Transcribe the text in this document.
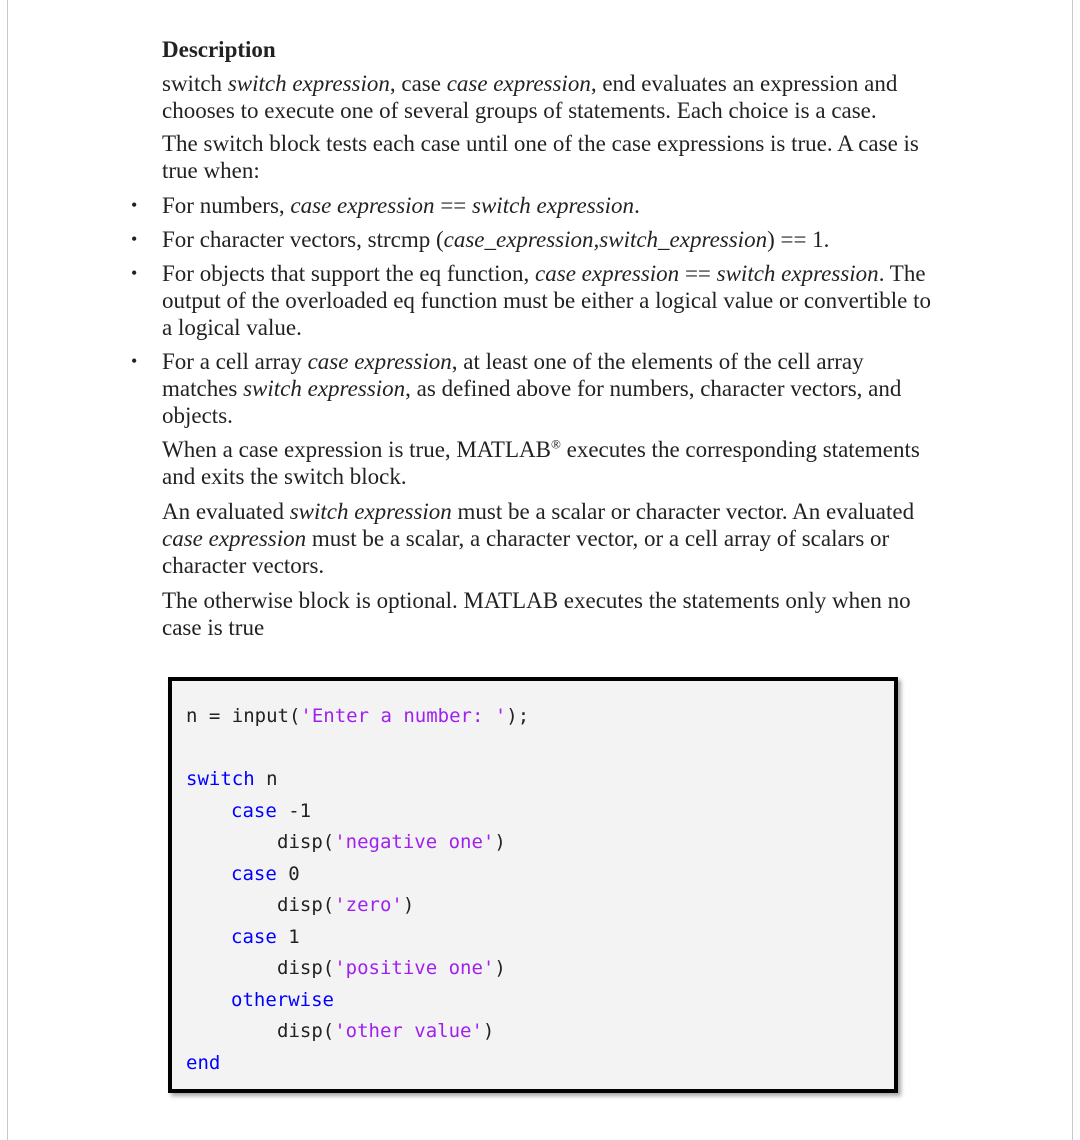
Description

switch switch expression, case case expression, end evaluates an expression and chooses to execute one of several groups of statements. Each choice is a case.

The switch block tests each case until one of the case expressions is true. A case is true when:

• For numbers, case expression == switch expression.
• For character vectors, strcmp (case_expression,switch_expression) == 1.
• For objects that support the eq function, case expression == switch expression. The output of the overloaded eq function must be either a logical value or convertible to a logical value.
• For a cell array case expression, at least one of the elements of the cell array matches switch expression, as defined above for numbers, character vectors, and objects.

When a case expression is true, MATLAB® executes the corresponding statements and exits the switch block.

An evaluated switch expression must be a scalar or character vector. An evaluated case expression must be a scalar, a character vector, or a cell array of scalars or character vectors.

The otherwise block is optional. MATLAB executes the statements only when no case is true

n = input('Enter a number: ');
switch n
case -1
disp('negative one')
case 0
disp('zero')
case 1
disp('positive one')
otherwise
disp('other value')
end
